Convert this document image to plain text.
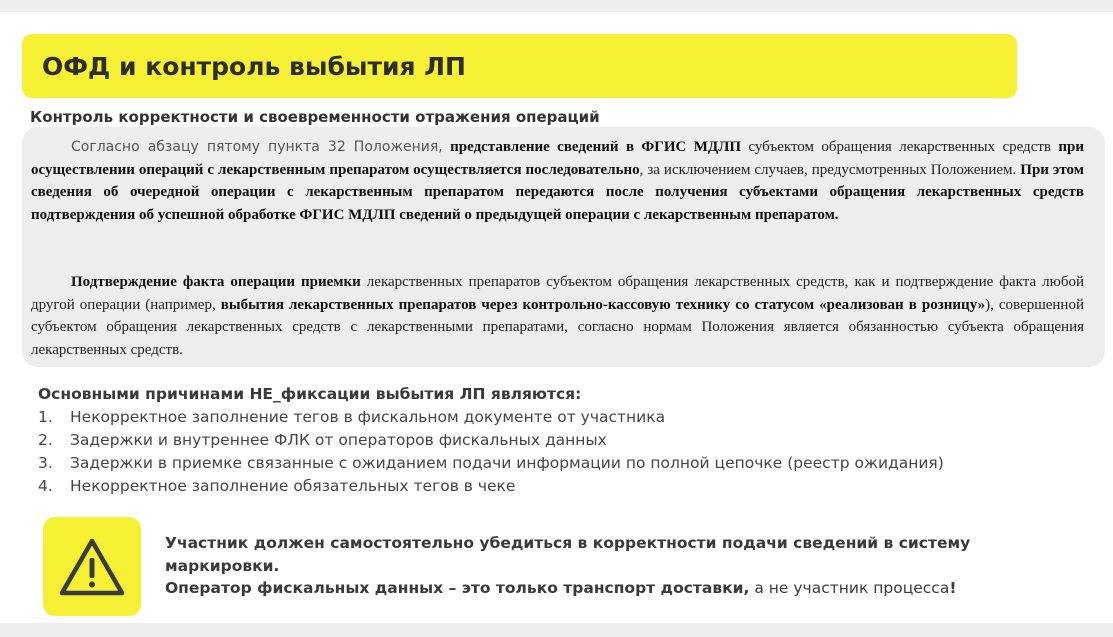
ОФД и контроль выбытия ЛП
Контроль корректности и своевременности отражения операций

Согласно абзацу пятому пункта 32 Положения, представление сведений в ФГИС МДЛП субъектом обращения лекарственных средств при осуществлении операций с лекарственным препаратом осуществляется последовательно, за исключением случаев, предусмотренных Положением. При этом сведения об очередной операции с лекарственным препаратом передаются после получения субъектами обращения лекарственных средств подтверждения об успешной обработке ФГИС МДЛП сведений о предыдущей операции с лекарственным препаратом.

Подтверждение факта операции приемки лекарственных препаратов субъектом обращения лекарственных средств, как и подтверждение факта любой другой операции (например, выбытия лекарственных препаратов через контрольно-кассовую технику со статусом «реализован в розницу»), совершенной субъектом обращения лекарственных средств с лекарственными препаратами, согласно нормам Положения является обязанностью субъекта обращения лекарственных средств.

Основными причинами НЕ_фиксации выбытия ЛП являются:
1. Некорректное заполнение тегов в фискальном документе от участника
2. Задержки и внутреннее ФЛК от операторов фискальных данных
3. Задержки в приемке связанные с ожиданием подачи информации по полной цепочке (реестр ожидания)
4. Некорректное заполнение обязательных тегов в чеке
Участник должен самостоятельно убедиться в корректности подачи сведений в систему маркировки.
Оператор фискальных данных – это только транспорт доставки, а не участник процесса!
